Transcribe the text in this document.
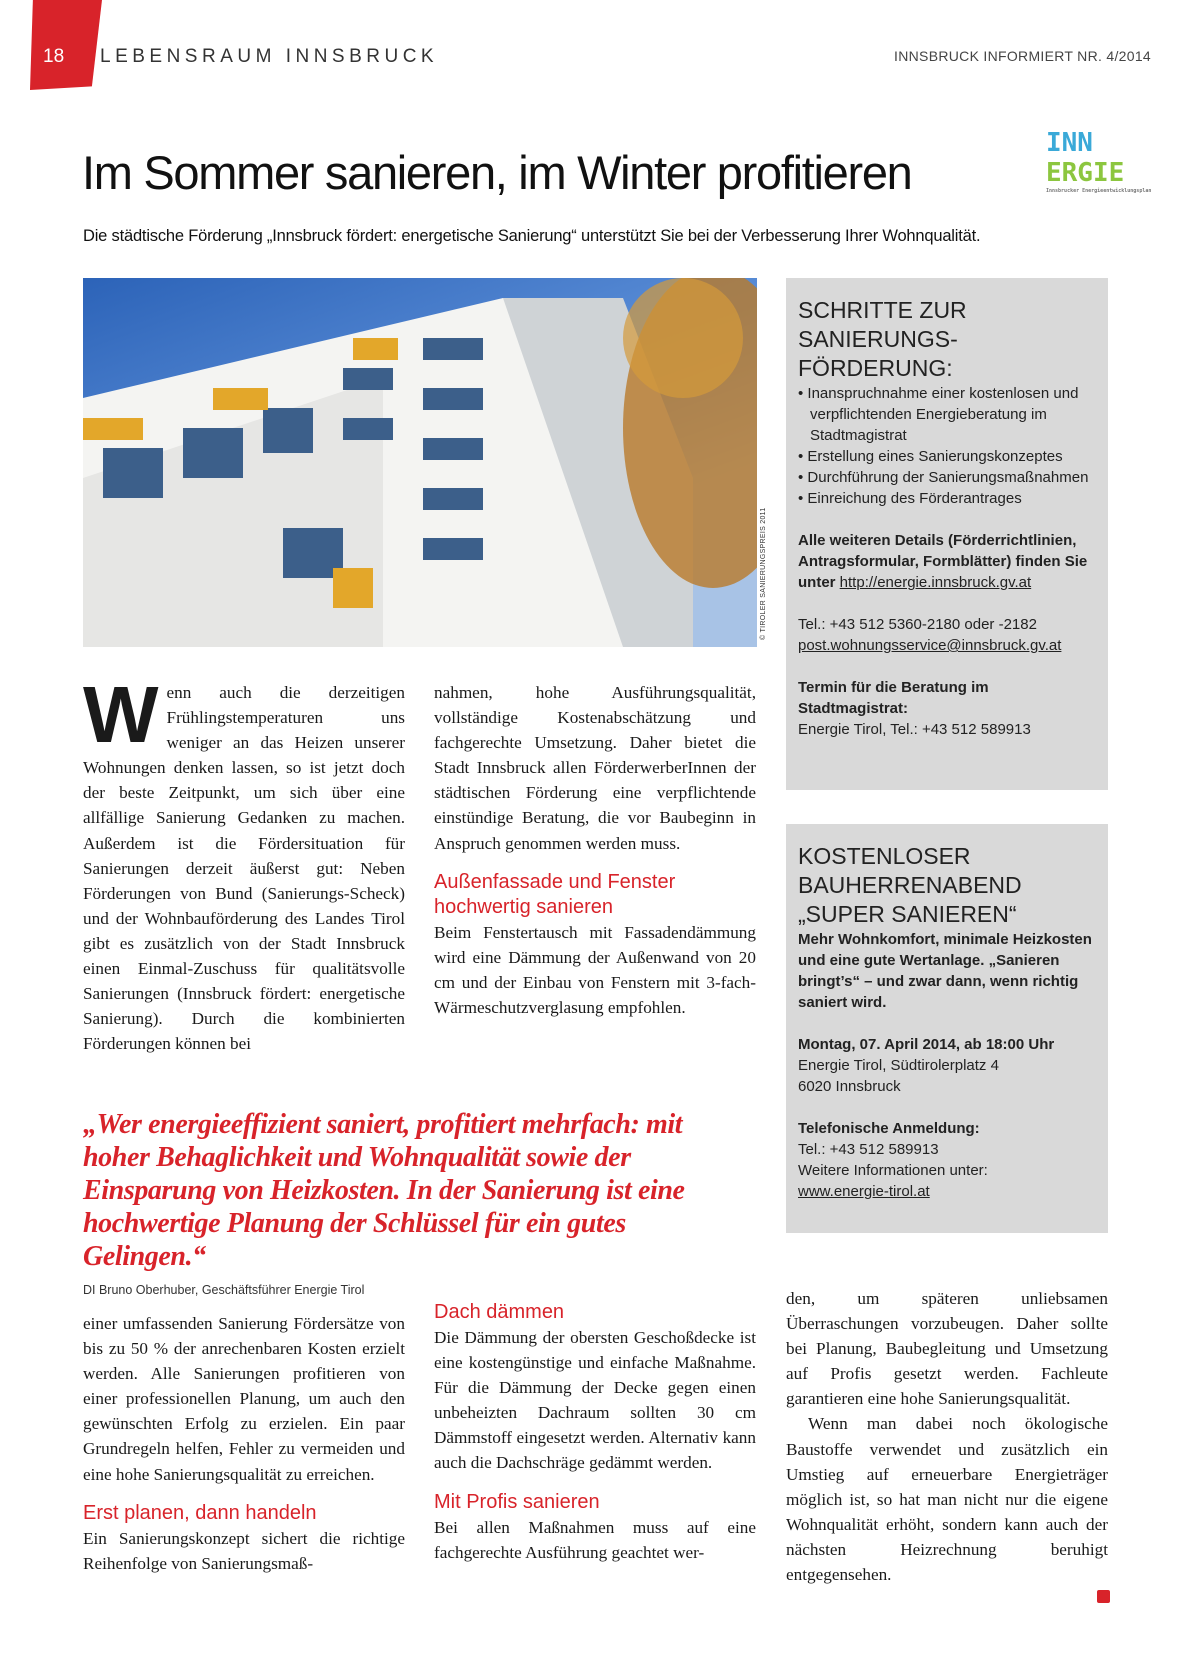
18 LEBENSRAUM INNSBRUCK	INNSBRUCK INFORMIERT NR. 4/2014
Im Sommer sanieren, im Winter profitieren
INN
ERGIE
Innsbrucker Energieentwicklungsplan
Die städtische Förderung „Innsbruck fördert: energetische Sanierung“ unterstützt Sie bei der Verbesserung Ihrer Wohnqualität.
© TIROLER SANIERUNGSPREIS 2011
SCHRITTE ZUR SANIERUNGS-FÖRDERUNG:
• Inanspruchnahme einer kostenlosen und verpflichtenden Energieberatung im Stadtmagistrat
• Erstellung eines Sanierungskonzeptes
• Durchführung der Sanierungsmaßnahmen
• Einreichung des Förderantrages

Alle weiteren Details (Förderrichtlinien, Antragsformular, Formblätter) finden Sie unter http://energie.innsbruck.gv.at

Tel.: +43 512 5360-2180 oder -2182
post.wohnungsservice@innsbruck.gv.at

Termin für die Beratung im Stadtmagistrat:
Energie Tirol, Tel.: +43 512 589913

KOSTENLOSER BAUHERRENABEND „SUPER SANIEREN“
Mehr Wohnkomfort, minimale Heizkosten und eine gute Wertanlage. „Sanieren bringt’s“ – und zwar dann, wenn richtig saniert wird.

Montag, 07. April 2014, ab 18:00 Uhr
Energie Tirol, Südtirolerplatz 4
6020 Innsbruck

Telefonische Anmeldung:
Tel.: +43 512 589913
Weitere Informationen unter:
www.energie-tirol.at

Wenn auch die derzeitigen Frühlingstemperaturen uns weniger an das Heizen unserer Wohnungen denken lassen, so ist jetzt doch der beste Zeitpunkt, um sich über eine allfällige Sanierung Gedanken zu machen. Außerdem ist die Fördersituation für Sanierungen derzeit äußerst gut: Neben Förderungen von Bund (Sanierungs-Scheck) und der Wohnbauförderung des Landes Tirol gibt es zusätzlich von der Stadt Innsbruck einen Einmal-Zuschuss für qualitätsvolle Sanierungen (Innsbruck fördert: energetische Sanierung). Durch die kombinierten Förderungen können bei

nahmen, hohe Ausführungsqualität, vollständige Kostenabschätzung und fachgerechte Umsetzung. Daher bietet die Stadt Innsbruck allen FörderwerberInnen der städtischen Förderung eine verpflichtende einstündige Beratung, die vor Baubeginn in Anspruch genommen werden muss.

Außenfassade und Fenster hochwertig sanieren

Beim Fenstertausch mit Fassadendämmung wird eine Dämmung der Außenwand von 20 cm und der Einbau von Fenstern mit 3-fach-Wärmeschutzverglasung empfohlen.

„Wer energieeffizient saniert, profitiert mehrfach: mit hoher Behaglichkeit und Wohnqualität sowie der Einsparung von Heizkosten. In der Sanierung ist eine hochwertige Planung der Schlüssel für ein gutes Gelingen.“
DI Bruno Oberhuber, Geschäftsführer Energie Tirol

einer umfassenden Sanierung Fördersätze von bis zu 50 % der anrechenbaren Kosten erzielt werden. Alle Sanierungen profitieren von einer professionellen Planung, um auch den gewünschten Erfolg zu erzielen. Ein paar Grundregeln helfen, Fehler zu vermeiden und eine hohe Sanierungsqualität zu erreichen.

Erst planen, dann handeln

Ein Sanierungskonzept sichert die richtige Reihenfolge von Sanierungsmaß-

Dach dämmen

Die Dämmung der obersten Geschoßdecke ist eine kostengünstige und einfache Maßnahme. Für die Dämmung der Decke gegen einen unbeheizten Dachraum sollten 30 cm Dämmstoff eingesetzt werden. Alternativ kann auch die Dachschräge gedämmt werden.

Mit Profis sanieren

Bei allen Maßnahmen muss auf eine fachgerechte Ausführung geachtet wer-

den, um späteren unliebsamen Überraschungen vorzubeugen. Daher sollte bei Planung, Baubegleitung und Umsetzung auf Profis gesetzt werden. Fachleute garantieren eine hohe Sanierungsqualität.

Wenn man dabei noch ökologische Baustoffe verwendet und zusätzlich ein Umstieg auf erneuerbare Energieträger möglich ist, so hat man nicht nur die eigene Wohnqualität erhöht, sondern kann auch der nächsten Heizrechnung beruhigt entgegensehen.
